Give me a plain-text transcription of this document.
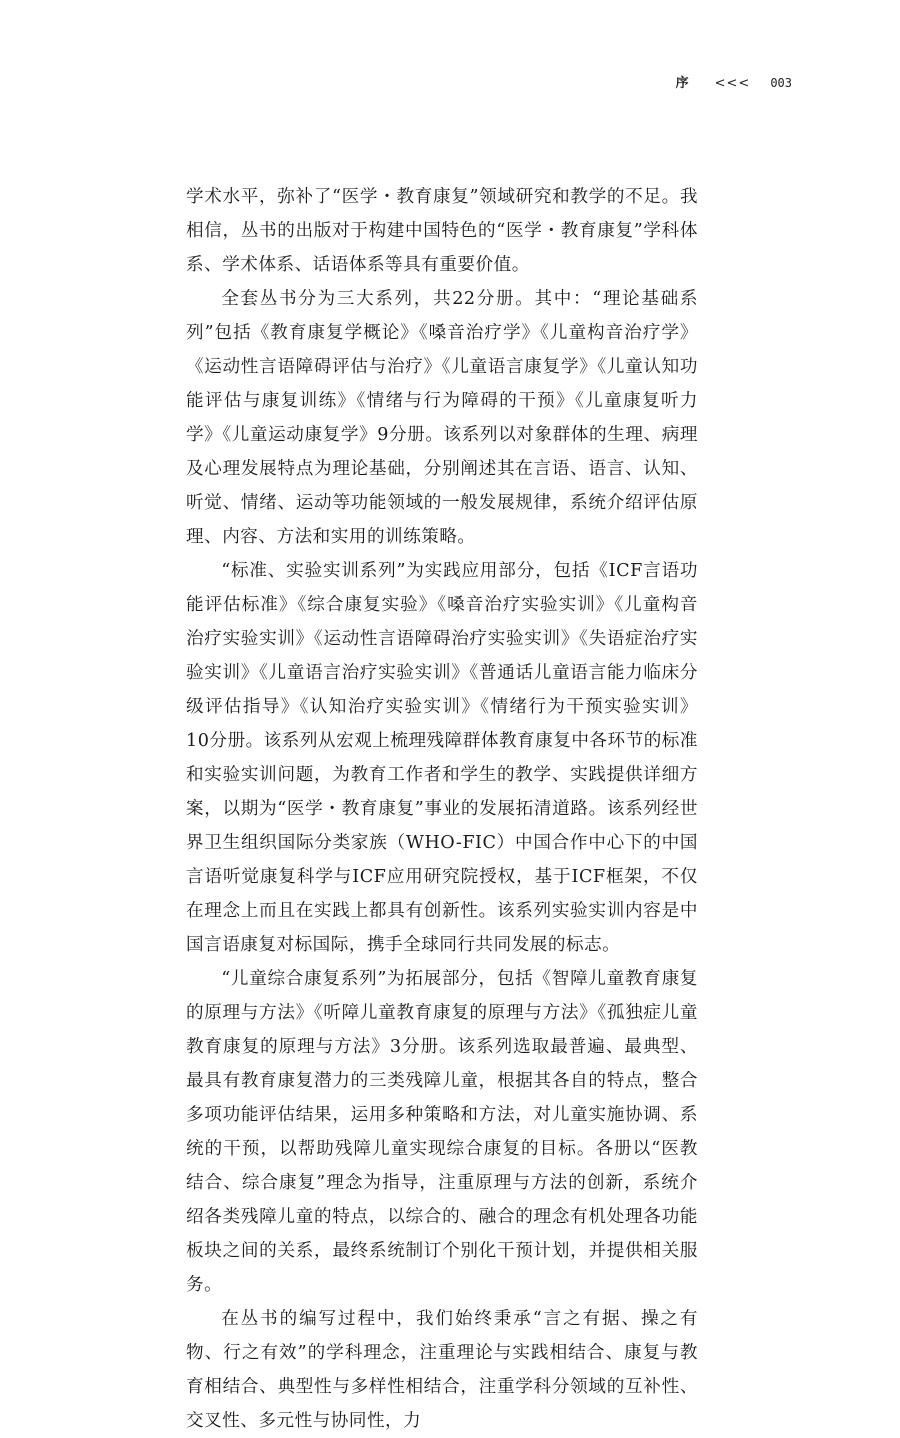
序 <<< 003

学术水平，弥补了“医学・教育康复”领域研究和教学的不足。我相信，丛书的出版对于构建中国特色的“医学・教育康复”学科体系、学术体系、话语体系等具有重要价值。

全套丛书分为三大系列，共22分册。其中：“理论基础系列”包括《教育康复学概论》《嗓音治疗学》《儿童构音治疗学》《运动性言语障碍评估与治疗》《儿童语言康复学》《儿童认知功能评估与康复训练》《情绪与行为障碍的干预》《儿童康复听力学》《儿童运动康复学》9分册。该系列以对象群体的生理、病理及心理发展特点为理论基础，分别阐述其在言语、语言、认知、听觉、情绪、运动等功能领域的一般发展规律，系统介绍评估原理、内容、方法和实用的训练策略。

“标准、实验实训系列”为实践应用部分，包括《ICF言语功能评估标准》《综合康复实验》《嗓音治疗实验实训》《儿童构音治疗实验实训》《运动性言语障碍治疗实验实训》《失语症治疗实验实训》《儿童语言治疗实验实训》《普通话儿童语言能力临床分级评估指导》《认知治疗实验实训》《情绪行为干预实验实训》10分册。该系列从宏观上梳理残障群体教育康复中各环节的标准和实验实训问题，为教育工作者和学生的教学、实践提供详细方案，以期为“医学・教育康复”事业的发展拓清道路。该系列经世界卫生组织国际分类家族（WHO-FIC）中国合作中心下的中国言语听觉康复科学与ICF应用研究院授权，基于ICF框架，不仅在理念上而且在实践上都具有创新性。该系列实验实训内容是中国言语康复对标国际，携手全球同行共同发展的标志。

“儿童综合康复系列”为拓展部分，包括《智障儿童教育康复的原理与方法》《听障儿童教育康复的原理与方法》《孤独症儿童教育康复的原理与方法》3分册。该系列选取最普遍、最典型、最具有教育康复潜力的三类残障儿童，根据其各自的特点，整合多项功能评估结果，运用多种策略和方法，对儿童实施协调、系统的干预，以帮助残障儿童实现综合康复的目标。各册以“医教结合、综合康复”理念为指导，注重原理与方法的创新，系统介绍各类残障儿童的特点，以综合的、融合的理念有机处理各功能板块之间的关系，最终系统制订个别化干预计划，并提供相关服务。

在丛书的编写过程中，我们始终秉承“言之有据、操之有物、行之有效”的学科理念，注重理论与实践相结合、康复与教育相结合、典型性与多样性相结合，注重学科分领域的互补性、交叉性、多元性与协同性，力
